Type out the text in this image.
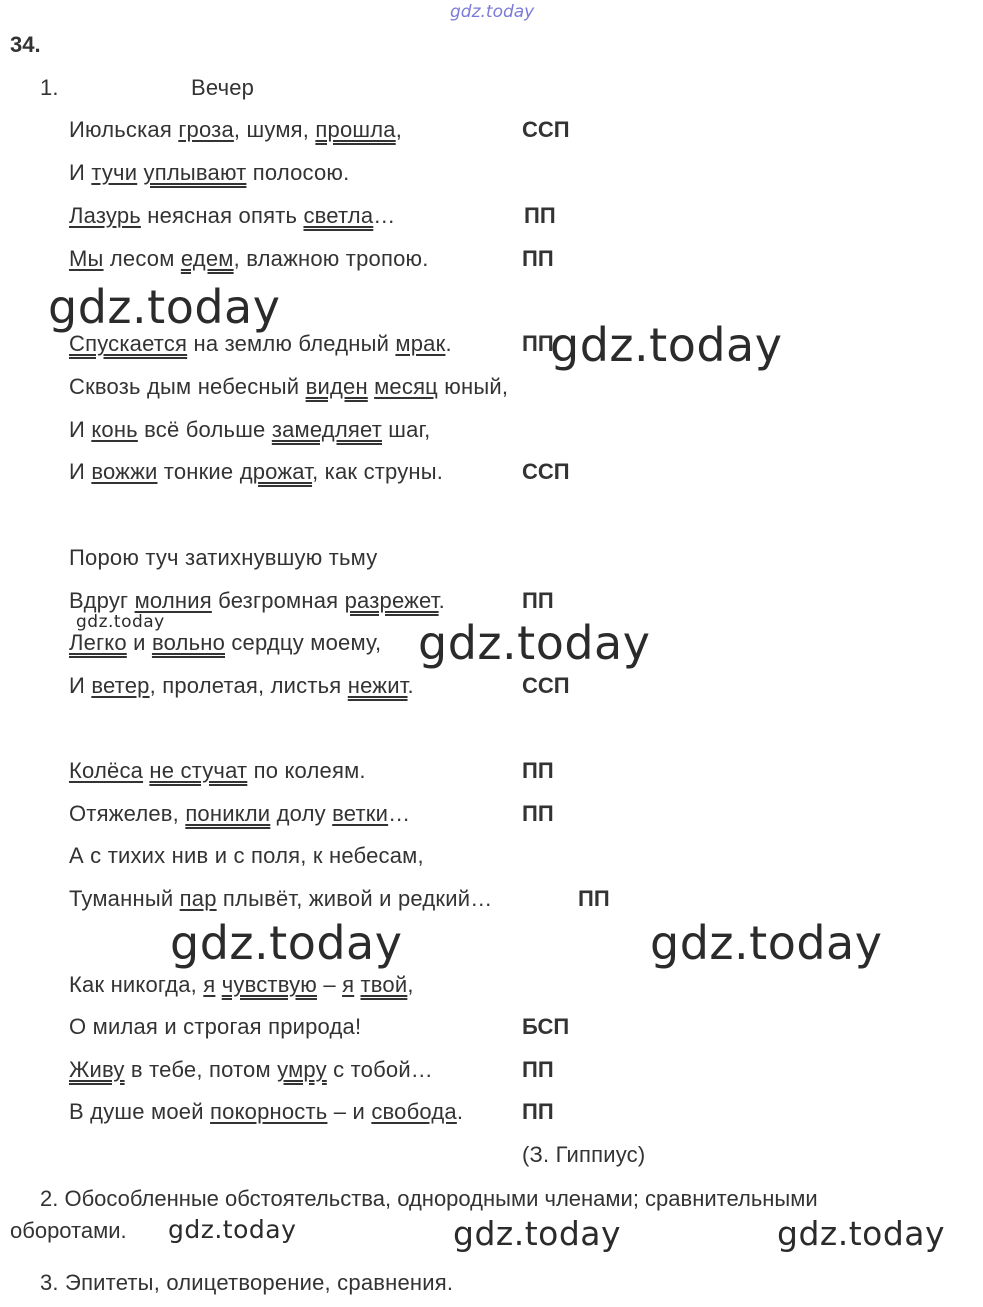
34.
1.	Вечер
Июльская гроза, шумя, прошла,	ССП
И тучи уплывают полосою.
Лазурь неясная опять светла…	ПП
Мы лесом едем, влажною тропою.	ПП
Спускается на землю бледный мрак.	ПП
Сквозь дым небесный виден месяц юный,
И конь всё больше замедляет шаг,
И вожжи тонкие дрожат, как струны.	ССП
Порою туч затихнувшую тьму
Вдруг молния безгромная разрежет.	ПП
Легко и вольно сердцу моему,
И ветер, пролетая, листья нежит.	ССП
Колёса не стучат по колеям.	ПП
Отяжелев, поникли долу ветки…	ПП
А с тихих нив и с поля, к небесам,
Туманный пар плывёт, живой и редкий…	ПП
Как никогда, я чувствую – я твой,
О милая и строгая природа!	БСП
Живу в тебе, потом умру с тобой…	ПП
В душе моей покорность – и свобода.	ПП
(З. Гиппиус)
2. Обособленные обстоятельства, однородными членами; сравнительными
оборотами.
3. Эпитеты, олицетворение, сравнения.
gdz.today
gdz.today
gdz.today
gdz.today	gdz.today
gdz.today	gdz.today
gdz.today	gdz.today	gdz.today
